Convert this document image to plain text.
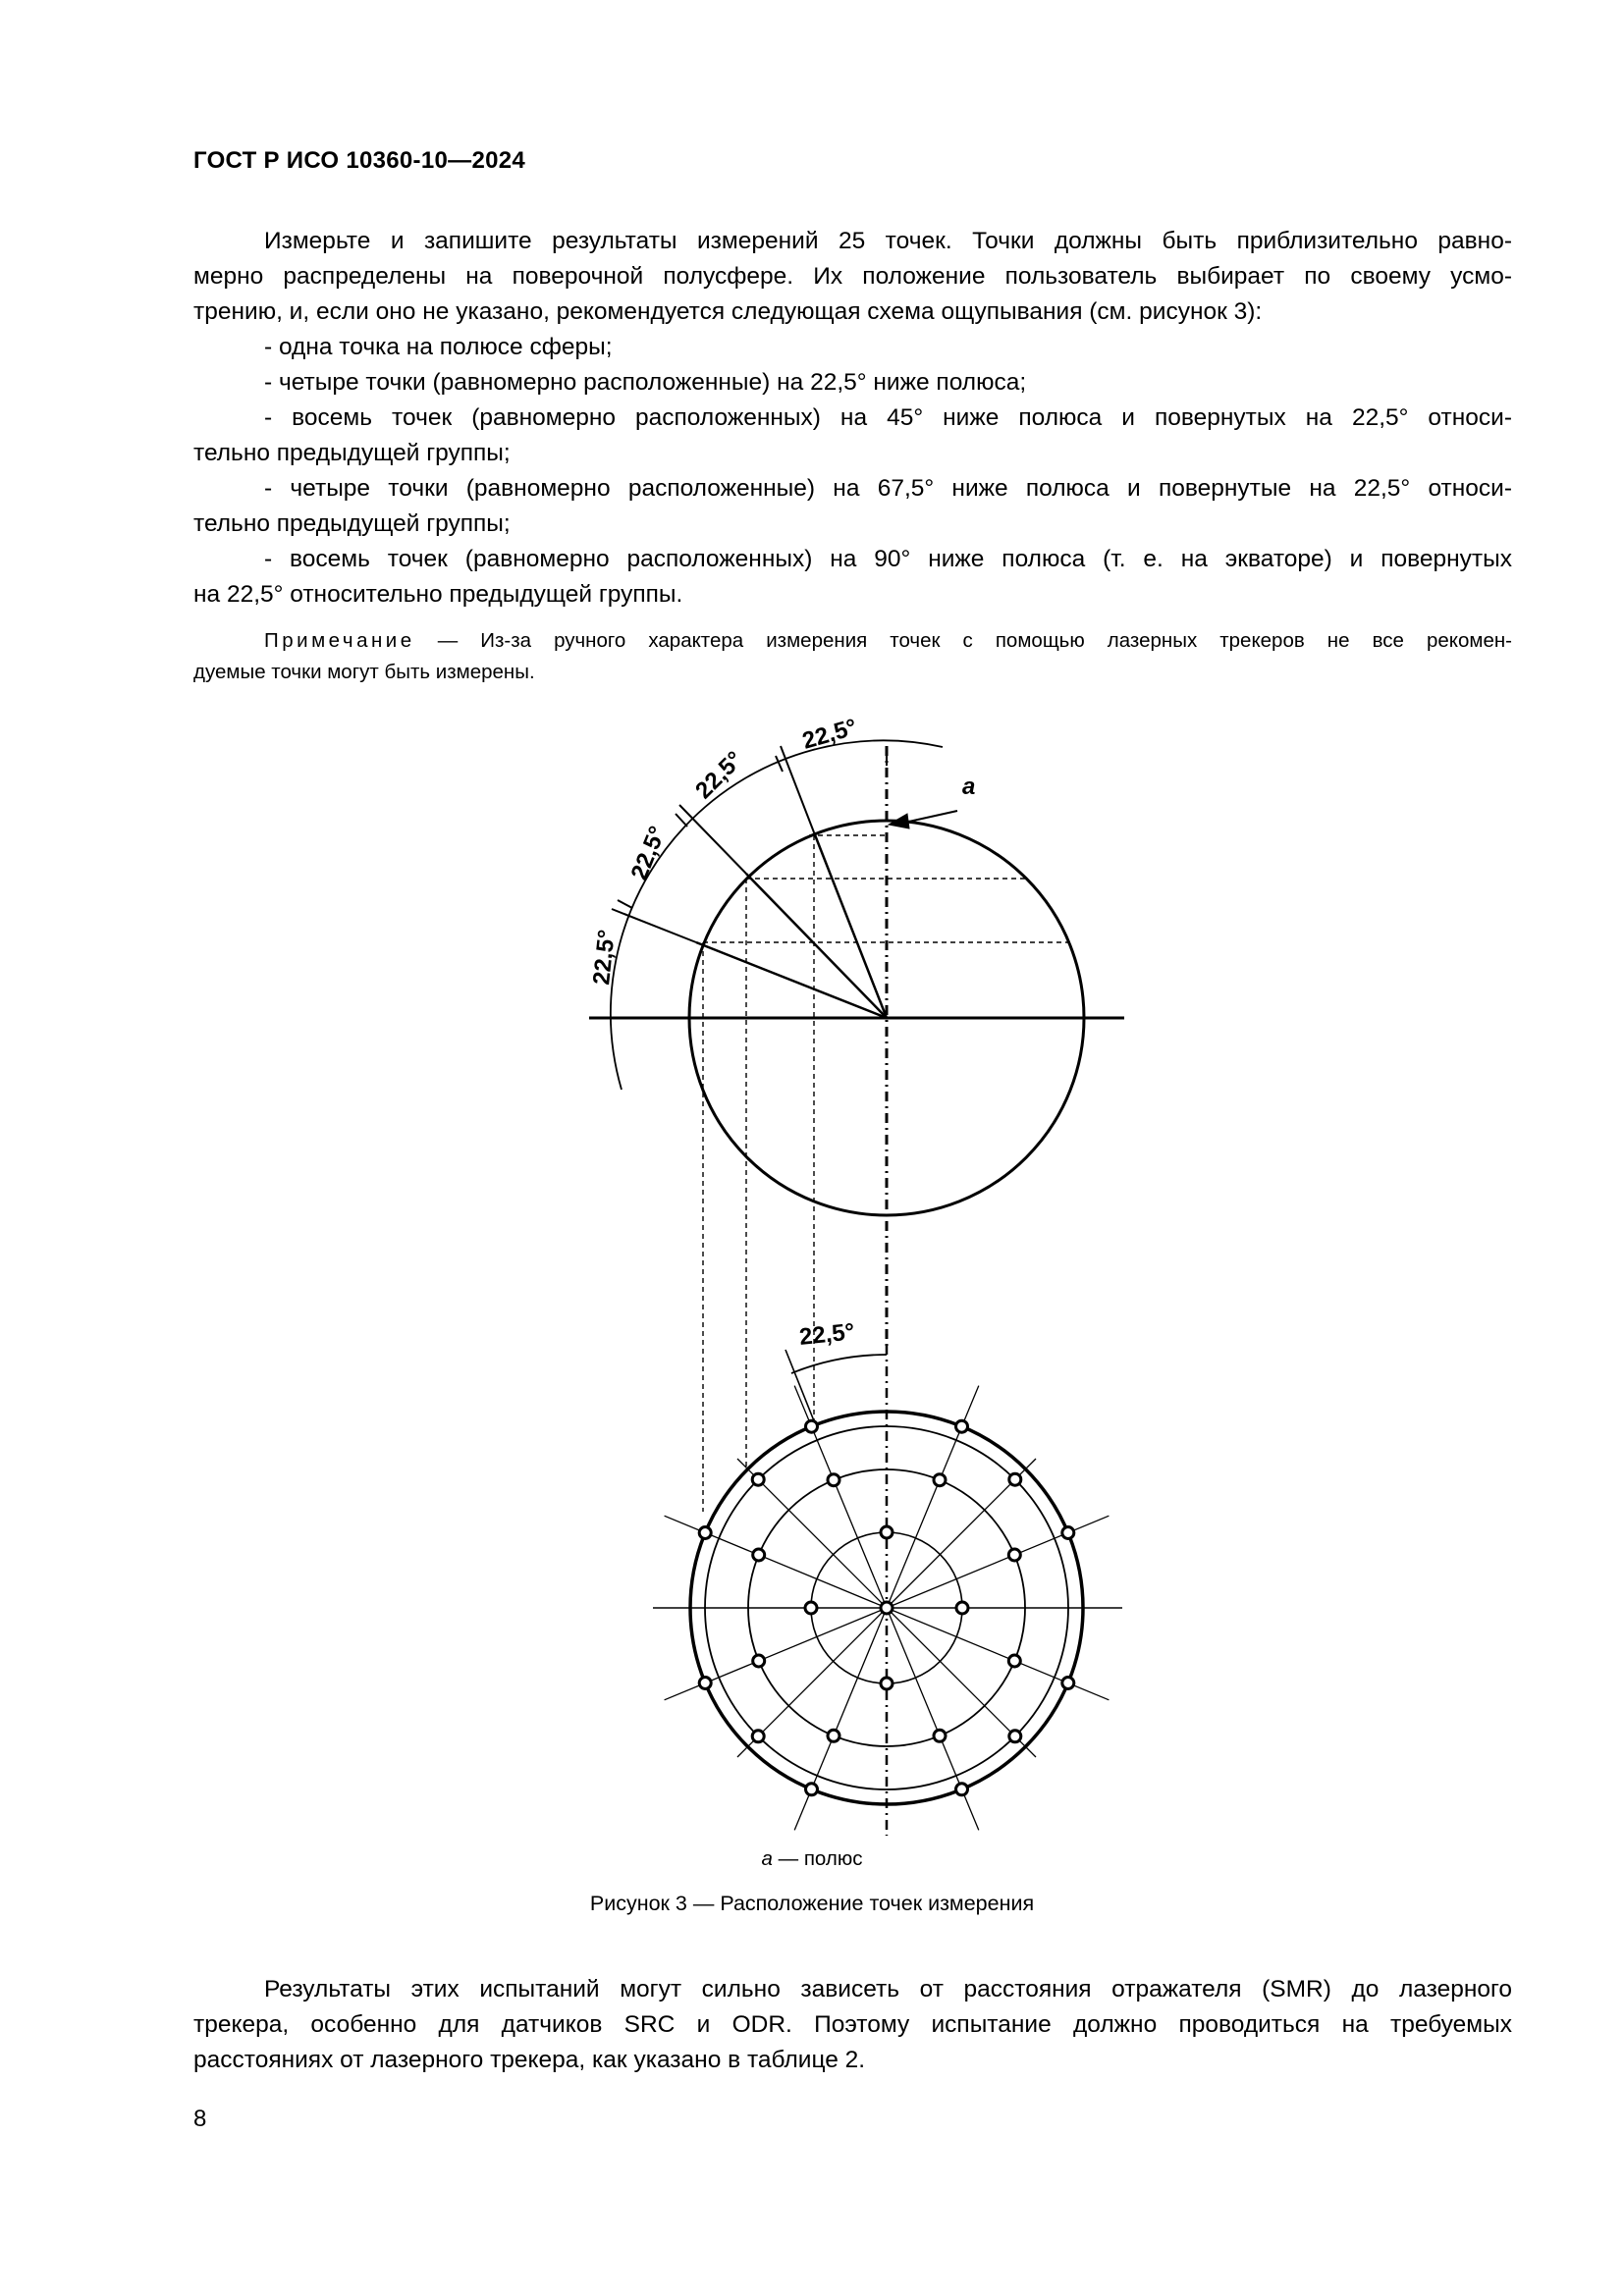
ГОСТ Р ИСО 10360-10—2024
Измерьте и запишите результаты измерений 25 точек. Точки должны быть приблизительно равно-
мерно распределены на поверочной полусфере. Их положение пользователь выбирает по своему усмо-
трению, и, если оно не указано, рекомендуется следующая схема ощупывания (см. рисунок 3):
- одна точка на полюсе сферы;
- четыре точки (равномерно расположенные) на 22,5° ниже полюса;
- восемь точек (равномерно расположенных) на 45° ниже полюса и повернутых на 22,5° относи-
тельно предыдущей группы;
- четыре точки (равномерно расположенные) на 67,5° ниже полюса и повернутые на 22,5° относи-
тельно предыдущей группы;
- восемь точек (равномерно расположенных) на 90° ниже полюса (т. е. на экваторе) и повернутых
на 22,5° относительно предыдущей группы.
Примечание — Из-за ручного характера измерения точек с помощью лазерных трекеров не все рекомен-
дуемые точки могут быть измерены.
22,5°
22,5°
22,5°
22,5°
22,5°
a
a — полюс
Рисунок 3 — Расположение точек измерения
Результаты этих испытаний могут сильно зависеть от расстояния отражателя (SMR) до лазерного
трекера, особенно для датчиков SRC и ODR. Поэтому испытание должно проводиться на требуемых
расстояниях от лазерного трекера, как указано в таблице 2.
8
